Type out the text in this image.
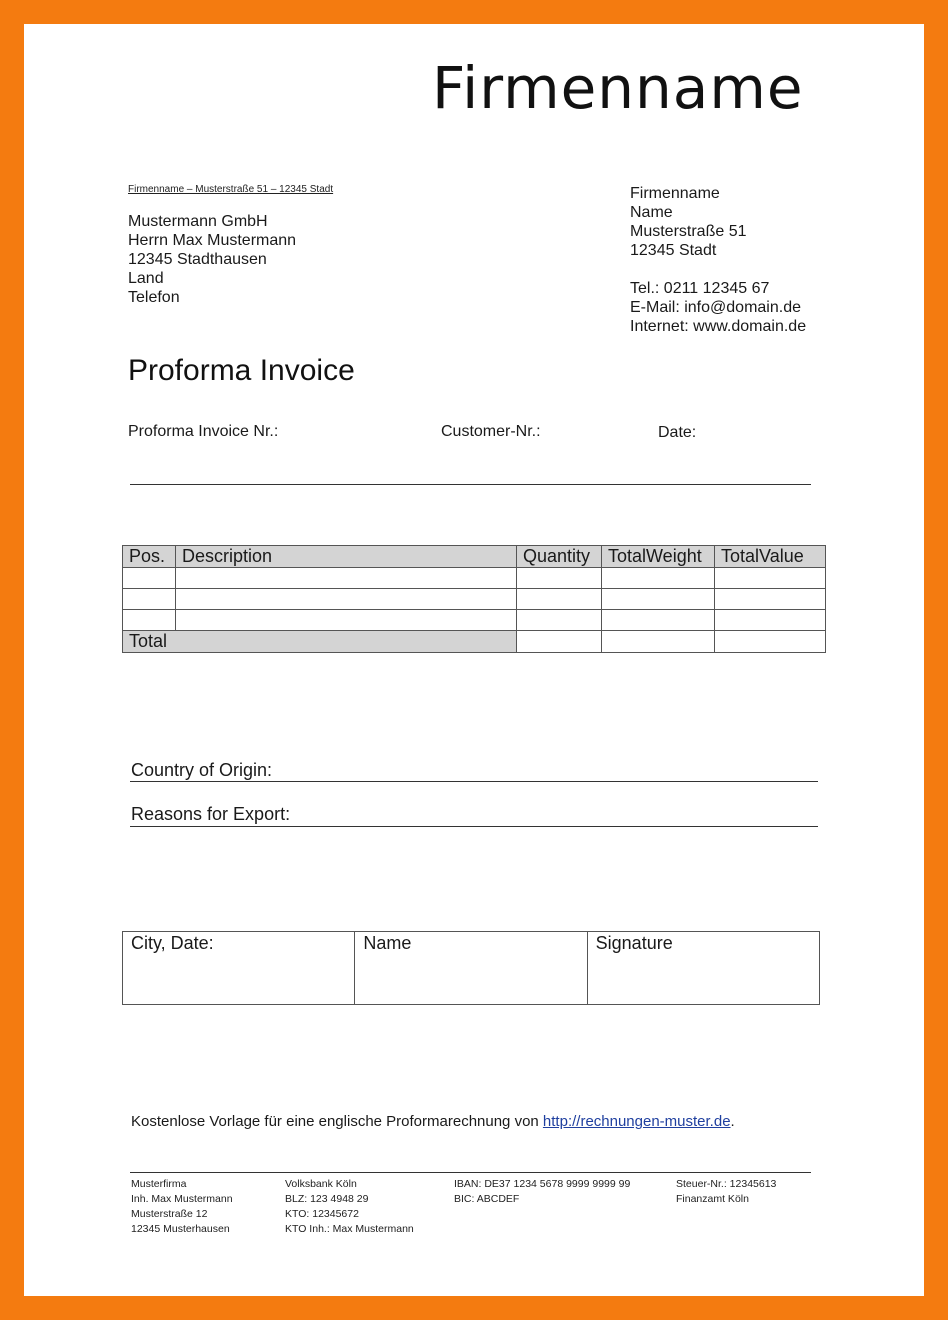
Firmenname
Firmenname – Musterstraße 51 – 12345 Stadt
Mustermann GmbH
Herrn Max Mustermann
12345 Stadthausen
Land
Telefon
Firmenname
Name
Musterstraße 51
12345 Stadt
Tel.: 0211 12345 67
E-Mail: info@domain.de
Internet: www.domain.de
Proforma Invoice
Proforma Invoice Nr.:	Customer-Nr.:	Date:
Pos.	Description	Quantity	TotalWeight	TotalValue

Total				
Country of Origin:
Reasons for Export:
City, Date:	Name	Signature
Kostenlose Vorlage für eine englische Proformarechnung von http://rechnungen-muster.de.
Musterfirma
Inh. Max Mustermann
Musterstraße 12
12345 Musterhausen
Volksbank Köln
BLZ: 123 4948 29
KTO: 12345672
KTO Inh.: Max Mustermann
IBAN: DE37 1234 5678 9999 9999 99
BIC: ABCDEF
Steuer-Nr.: 12345613
Finanzamt Köln
